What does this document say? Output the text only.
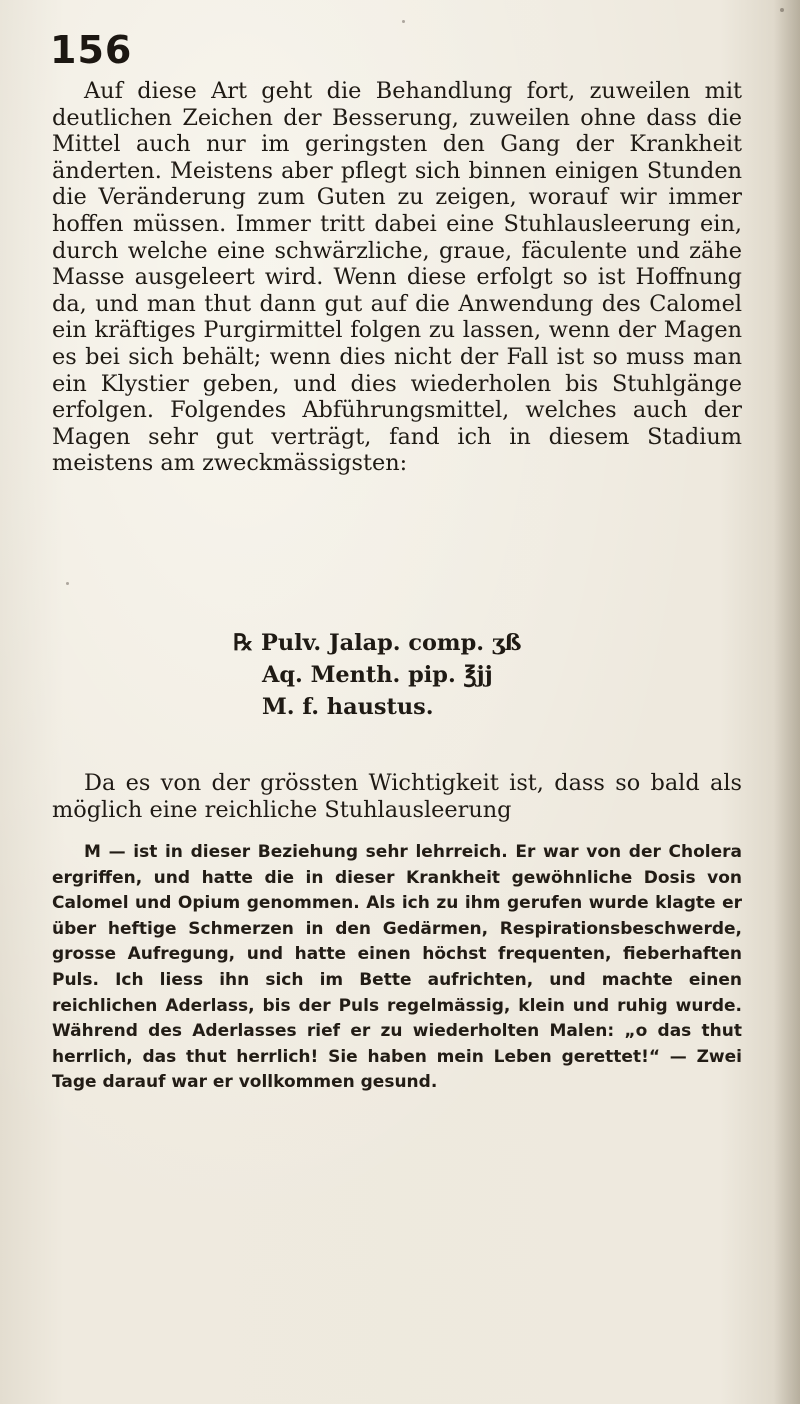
156

Auf diese Art geht die Behandlung fort, zuweilen mit deutlichen Zeichen der Besserung, zuweilen ohne dass die Mittel auch nur im geringsten den Gang der Krankheit änderten. Meistens aber pflegt sich binnen einigen Stunden die Veränderung zum Guten zu zeigen, worauf wir immer hoffen müssen. Immer tritt dabei eine Stuhlausleerung ein, durch welche eine schwärzliche, graue, fäculente und zähe Masse ausgeleert wird. Wenn diese erfolgt so ist Hoffnung da, und man thut dann gut auf die Anwendung des Calomel ein kräftiges Purgirmittel folgen zu lassen, wenn der Magen es bei sich behält; wenn dies nicht der Fall ist so muss man ein Klystier geben, und dies wiederholen bis Stuhlgänge erfolgen. Folgendes Abführungsmittel, welches auch der Magen sehr gut verträgt, fand ich in diesem Stadium meistens am zweckmässigsten:

℞ Pulv. Jalap. comp. ʒß
Aq. Menth. pip. ℥jj
M. f. haustus.

Da es von der grössten Wichtigkeit ist, dass so bald als möglich eine reichliche Stuhlausleerung

M — ist in dieser Beziehung sehr lehrreich. Er war von der Cholera ergriffen, und hatte die in dieser Krankheit gewöhnliche Dosis von Calomel und Opium genommen. Als ich zu ihm gerufen wurde klagte er über heftige Schmerzen in den Gedärmen, Respirationsbeschwerde, grosse Aufregung, und hatte einen höchst frequenten, fieberhaften Puls. Ich liess ihn sich im Bette aufrichten, und machte einen reichlichen Aderlass, bis der Puls regelmässig, klein und ruhig wurde. Während des Aderlasses rief er zu wiederholten Malen: „o das thut herrlich, das thut herrlich! Sie haben mein Leben gerettet!“ — Zwei Tage darauf war er vollkommen gesund.
